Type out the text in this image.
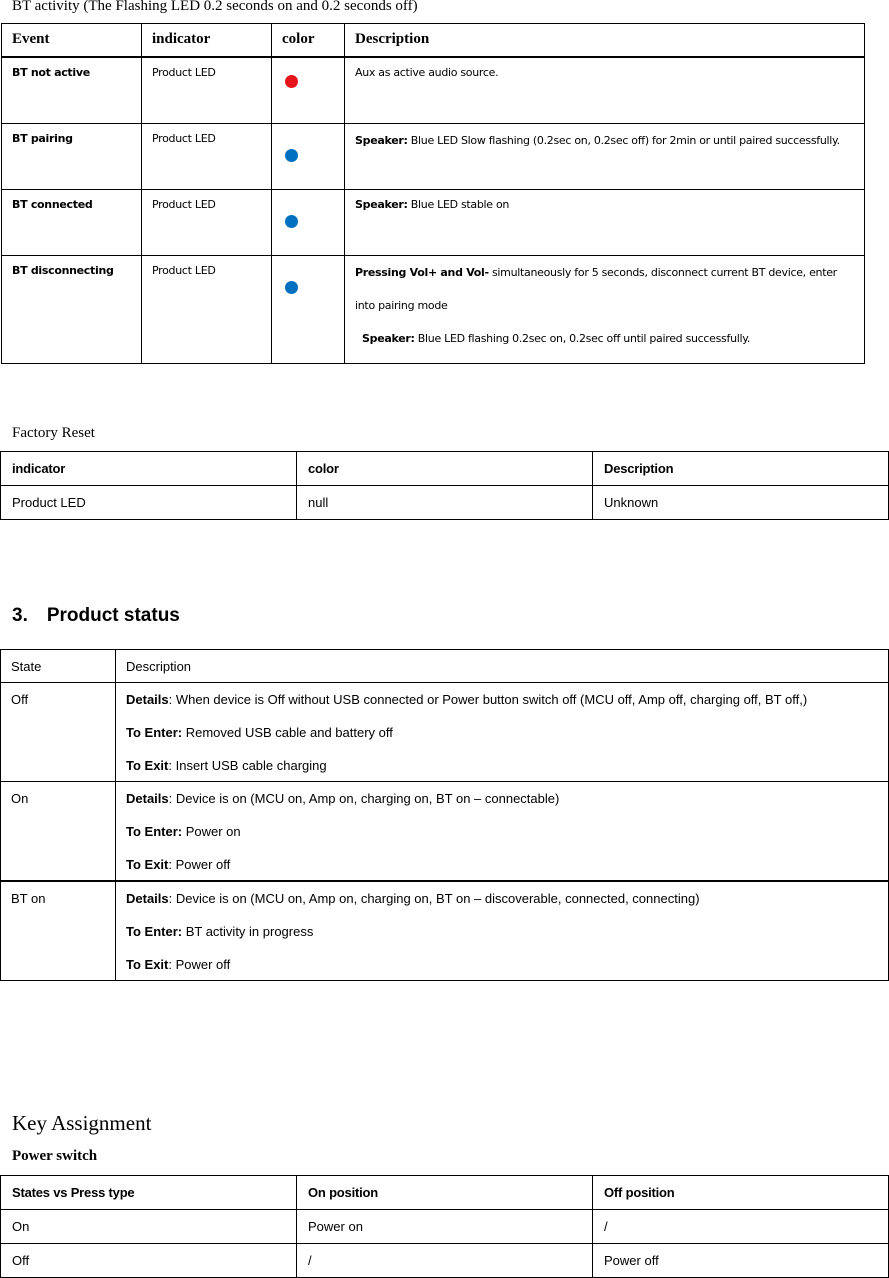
BT activity (The Flashing LED 0.2 seconds on and 0.2 seconds off)
Event	indicator	color	Description
BT not active	Product LED		Aux as active audio source.
BT pairing	Product LED		Speaker: Blue LED Slow flashing (0.2sec on, 0.2sec off) for 2min or until paired successfully.
BT connected	Product LED		Speaker: Blue LED stable on
BT disconnecting	Product LED		Pressing Vol+ and Vol- simultaneously for 5 seconds, disconnect current BT device, enter into pairing mode
Speaker: Blue LED flashing 0.2sec on, 0.2sec off until paired successfully.
Factory Reset
indicator	color	Description
Product LED	null	Unknown
3.  Product status
State	Description
Off	Details: When device is Off without USB connected or Power button switch off (MCU off, Amp off, charging off, BT off,)
To Enter: Removed USB cable and battery off
To Exit: Insert USB cable charging

On	Details: Device is on (MCU on, Amp on, charging on, BT on – connectable)
To Enter: Power on
To Exit: Power off

BT on	Details: Device is on (MCU on, Amp on, charging on, BT on – discoverable, connected, connecting)
To Enter: BT activity in progress
To Exit: Power off
Key Assignment
Power switch
States vs Press type	On position	Off position
On	Power on	/
Off	/	Power off
